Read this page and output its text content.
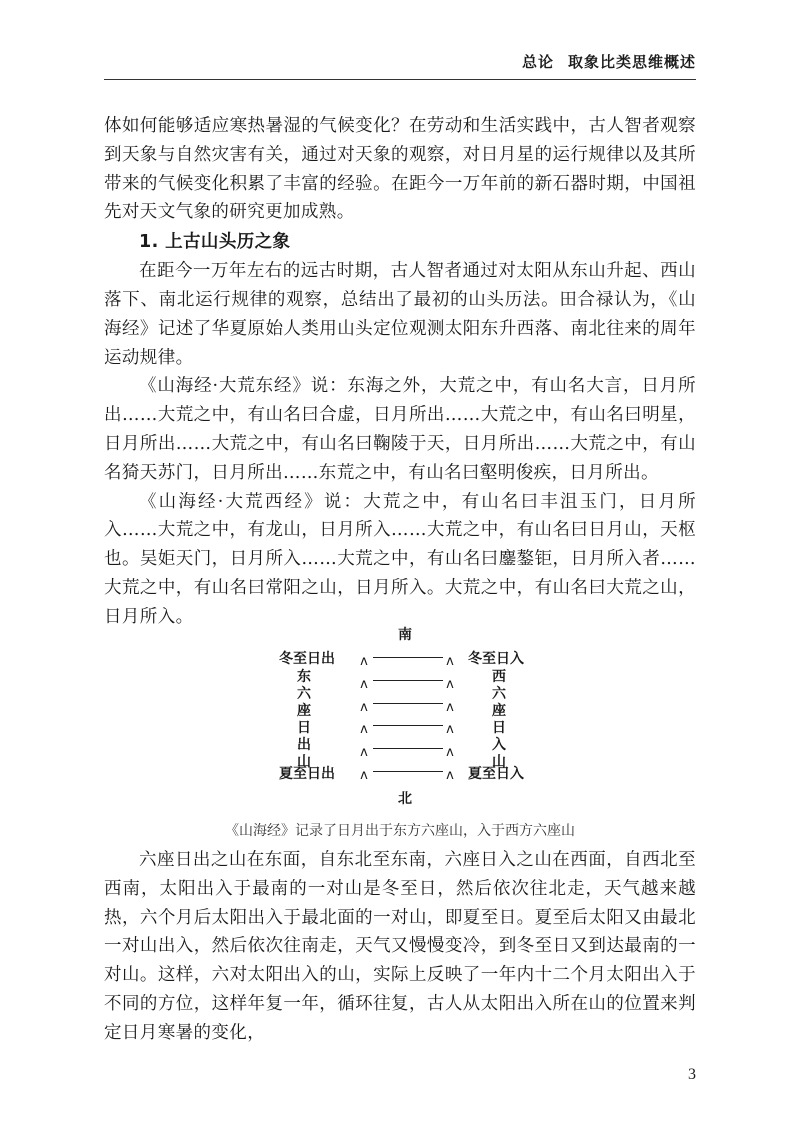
总论 取象比类思维概述

体如何能够适应寒热暑湿的气候变化？在劳动和生活实践中，古人智者观察到天象与自然灾害有关，通过对天象的观察，对日月星的运行规律以及其所带来的气候变化积累了丰富的经验。在距今一万年前的新石器时期，中国祖先对天文气象的研究更加成熟。

1. 上古山头历之象

在距今一万年左右的远古时期，古人智者通过对太阳从东山升起、西山落下、南北运行规律的观察，总结出了最初的山头历法。田合禄认为，《山海经》记述了华夏原始人类用山头定位观测太阳东升西落、南北往来的周年运动规律。

《山海经·大荒东经》说：东海之外，大荒之中，有山名大言，日月所出……大荒之中，有山名曰合虚，日月所出……大荒之中，有山名曰明星，日月所出……大荒之中，有山名曰鞠陵于天，日月所出……大荒之中，有山名猗天苏门，日月所出……东荒之中，有山名曰壑明俊疾，日月所出。

《山海经·大荒西经》说：大荒之中，有山名曰丰沮玉门，日月所入……大荒之中，有龙山，日月所入……大荒之中，有山名曰日月山，天枢也。吴姖天门，日月所入……大荒之中，有山名曰鏖鏊钜，日月所入者……大荒之中，有山名曰常阳之山，日月所入。大荒之中，有山名曰大荒之山，日月所入。

南
冬至日出	冬至日入
夏至日出	夏至日入
东
六
座
日
出
山
西
六
座
日
入
山
ʌ	ʌ
ʌ	ʌ
ʌ	ʌ
ʌ	ʌ
ʌ	ʌ
ʌ	ʌ
北
《山海经》记录了日月出于东方六座山，入于西方六座山

六座日出之山在东面，自东北至东南，六座日入之山在西面，自西北至西南，太阳出入于最南的一对山是冬至日，然后依次往北走，天气越来越热，六个月后太阳出入于最北面的一对山，即夏至日。夏至后太阳又由最北一对山出入，然后依次往南走，天气又慢慢变冷，到冬至日又到达最南的一对山。这样，六对太阳出入的山，实际上反映了一年内十二个月太阳出入于不同的方位，这样年复一年，循环往复，古人从太阳出入所在山的位置来判定日月寒暑的变化，

3
